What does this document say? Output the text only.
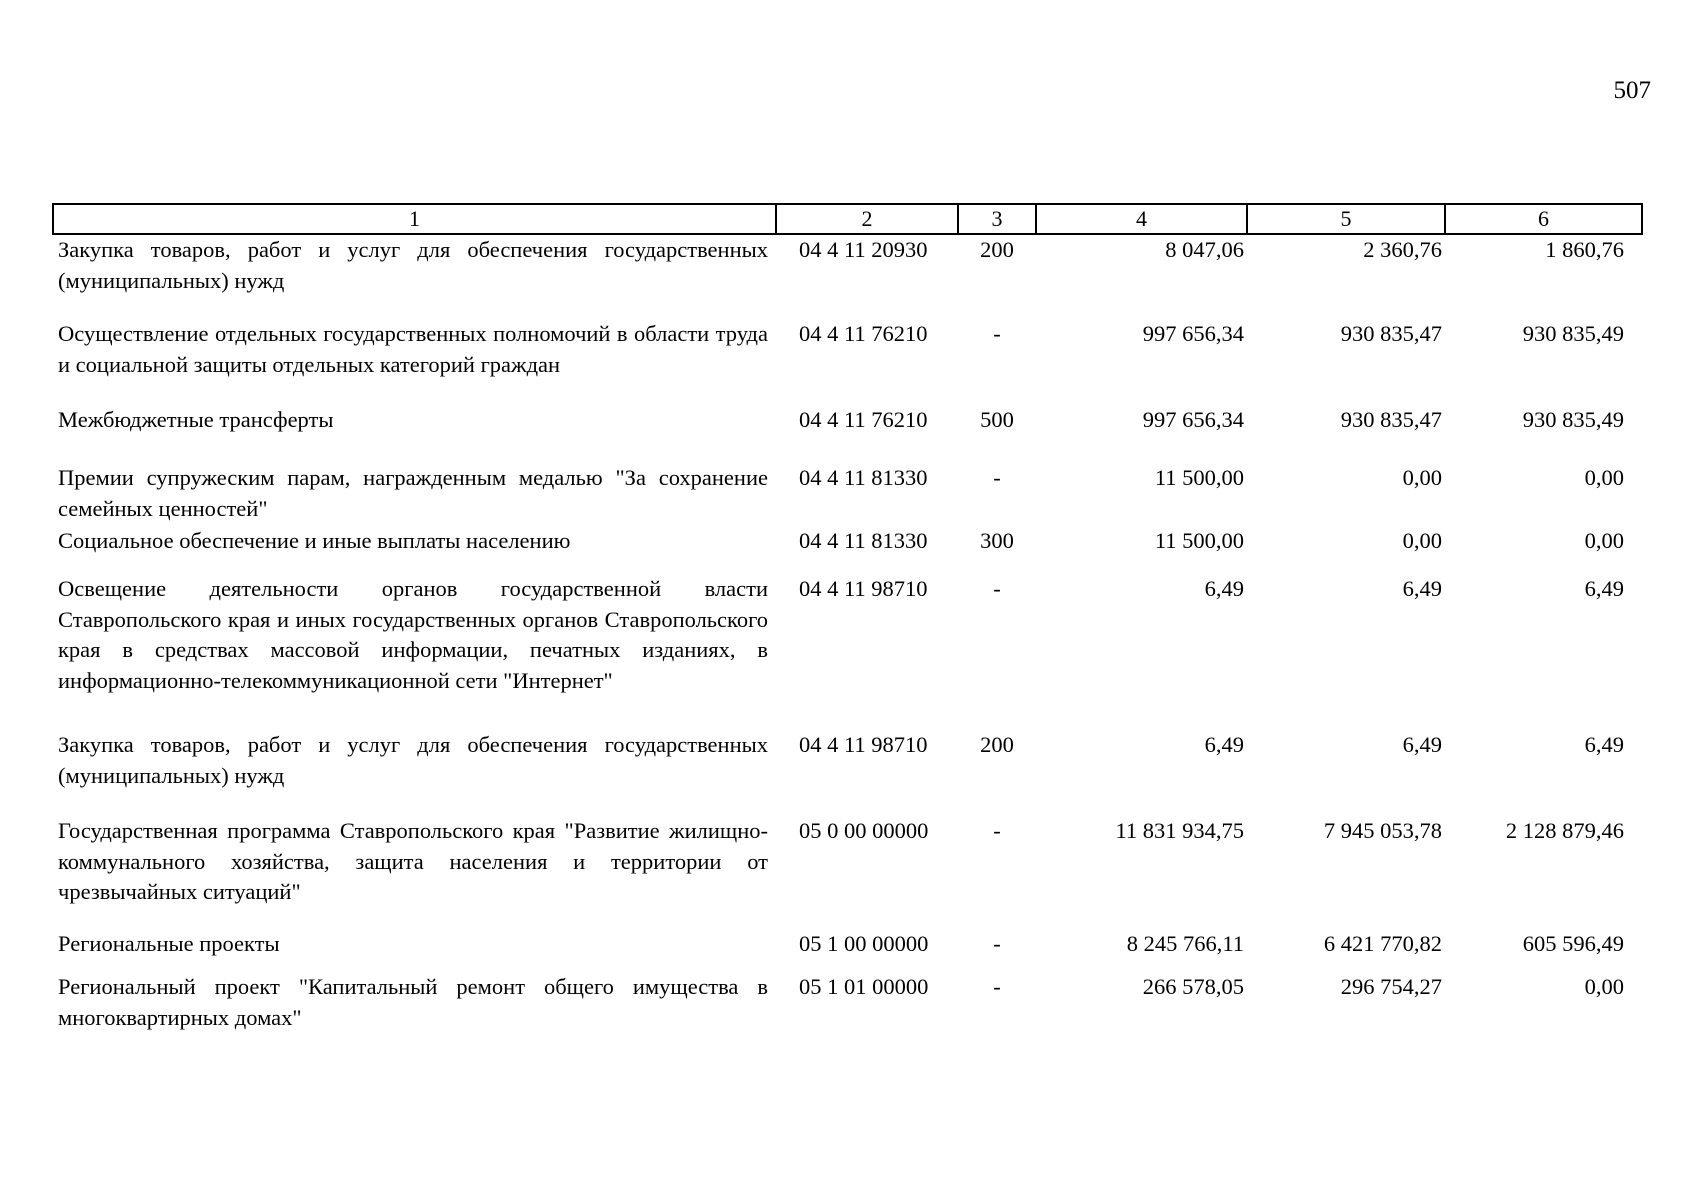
507
1	2	3	4	5	6
Закупка товаров, работ и услуг для обеспечения государственных (муниципальных) нужд	04 4 11 20930	200	8 047,06	2 360,76	1 860,76
Осуществление отдельных государственных полномочий в области труда и социальной защиты отдельных категорий граждан	04 4 11 76210	-	997 656,34	930 835,47	930 835,49
Межбюджетные трансферты	04 4 11 76210	500	997 656,34	930 835,47	930 835,49
Премии супружеским парам, награжденным медалью "За сохранение семейных ценностей"	04 4 11 81330	-	11 500,00	0,00	0,00
Социальное обеспечение и иные выплаты населению	04 4 11 81330	300	11 500,00	0,00	0,00
Освещение деятельности органов государственной власти Ставропольского края и иных государственных органов Ставропольского края в средствах массовой информации, печатных изданиях, в информационно-телекоммуникационной сети "Интернет"	04 4 11 98710	-	6,49	6,49	6,49
Закупка товаров, работ и услуг для обеспечения государственных (муниципальных) нужд	04 4 11 98710	200	6,49	6,49	6,49
Государственная программа Ставропольского края "Развитие жилищно-коммунального хозяйства, защита населения и территории от чрезвычайных ситуаций"	05 0 00 00000	-	11 831 934,75	7 945 053,78	2 128 879,46
Региональные проекты	05 1 00 00000	-	8 245 766,11	6 421 770,82	605 596,49
Региональный проект "Капитальный ремонт общего имущества в многоквартирных домах"	05 1 01 00000	-	266 578,05	296 754,27	0,00
